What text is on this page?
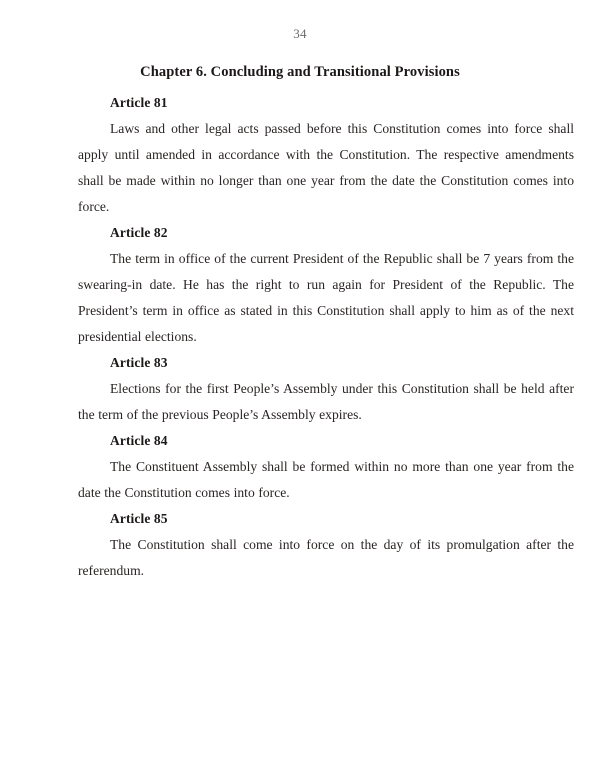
34
Chapter 6. Concluding and Transitional Provisions
Article 81

Laws and other legal acts passed before this Constitution comes into force shall apply until amended in accordance with the Constitution. The respective amendments shall be made within no longer than one year from the date the Constitution comes into force.

Article 82

The term in office of the current President of the Republic shall be 7 years from the swearing-in date. He has the right to run again for President of the Republic. The President’s term in office as stated in this Constitution shall apply to him as of the next presidential elections.

Article 83

Elections for the first People’s Assembly under this Constitution shall be held after the term of the previous People’s Assembly expires.

Article 84

The Constituent Assembly shall be formed within no more than one year from the date the Constitution comes into force.

Article 85

The Constitution shall come into force on the day of its promulgation after the referendum.
